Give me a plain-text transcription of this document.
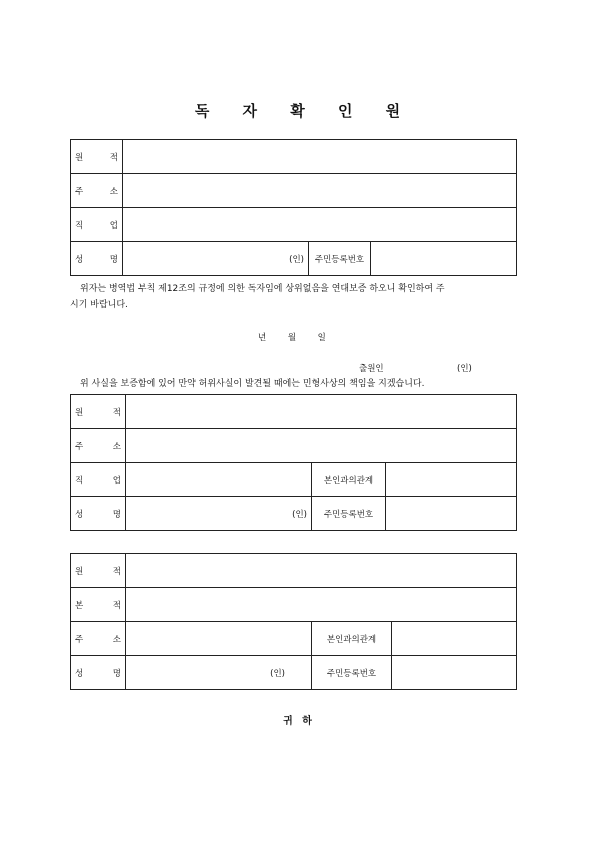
독 자 확 인 원
원 적			
주 소			
직 업			
성 명	(인)	주민등록번호	
위자는 병역법 부칙 제12조의 규정에 의한 독자임에 상위없음을 연대보증 하오니 확인하여 주
시기 바랍니다.
년        월        일
출원인	(인)
위 사실을 보증함에 있어 만약 허위사실이 발견될 때에는 민형사상의 책임을 지겠습니다.
원 적			
주 소			
직 업		본인과의관계	
성 명	(인)	주민등록번호	
원 적			
본 적			
주 소		본인과의관계	
성 명	(인)	주민등록번호	
귀 하
